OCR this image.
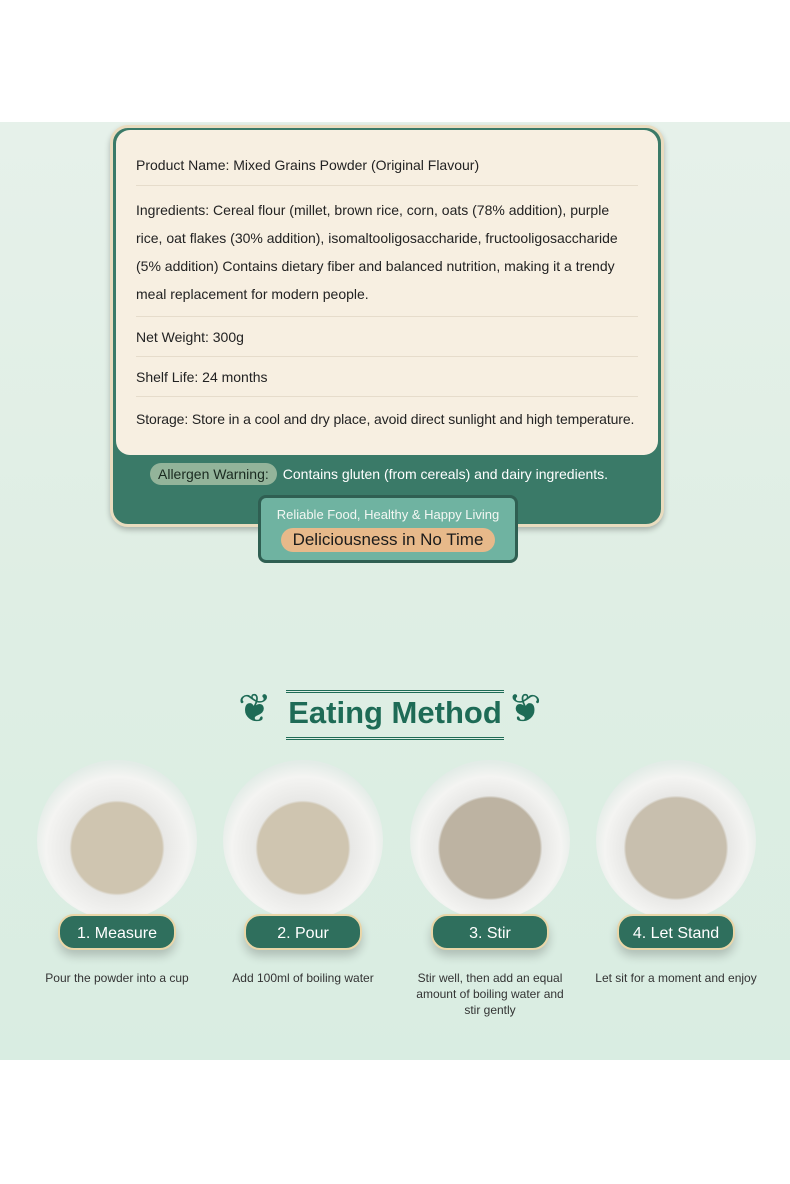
Product Name: Mixed Grains Powder (Original Flavour)
Ingredients: Cereal flour (millet, brown rice, corn, oats (78% addition), purple rice, oat flakes (30% addition), isomaltooligosaccharide, fructooligosaccharide (5% addition) Contains dietary fiber and balanced nutrition, making it a trendy meal replacement for modern people.
Net Weight: 300g
Shelf Life: 24 months
Storage: Store in a cool and dry place, avoid direct sunlight and high temperature.
Allergen Warning: Contains gluten (from cereals) and dairy ingredients.
Reliable Food, Healthy & Happy Living
Deliciousness in No Time
❦	❦
Eating Method
1. Measure
Pour the powder into a cup
2. Pour
Add 100ml of boiling water
3. Stir
Stir well, then add an equal amount of boiling water and stir gently
4. Let Stand
Let sit for a moment and enjoy
